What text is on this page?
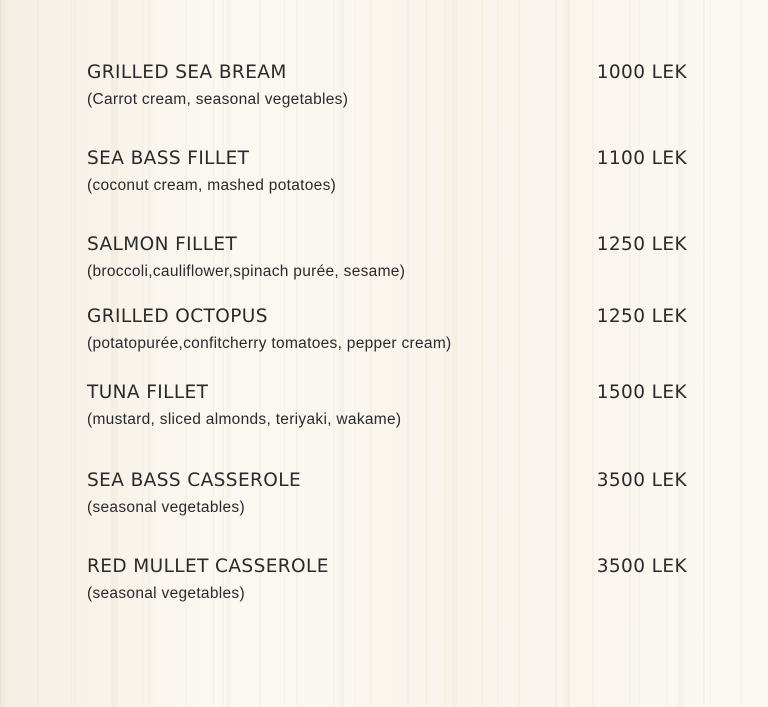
GRILLED SEA BREAM	1000 LEK
(Carrot cream, seasonal vegetables)
SEA BASS FILLET	1100 LEK
(coconut cream, mashed potatoes)
SALMON FILLET	1250 LEK
(broccoli,cauliflower,spinach purée, sesame)
GRILLED OCTOPUS	1250 LEK
(potatopurée,confitcherry tomatoes, pepper cream)
TUNA FILLET	1500 LEK
(mustard, sliced almonds, teriyaki, wakame)
SEA BASS CASSEROLE	3500 LEK
(seasonal vegetables)
RED MULLET CASSEROLE	3500 LEK
(seasonal vegetables)
